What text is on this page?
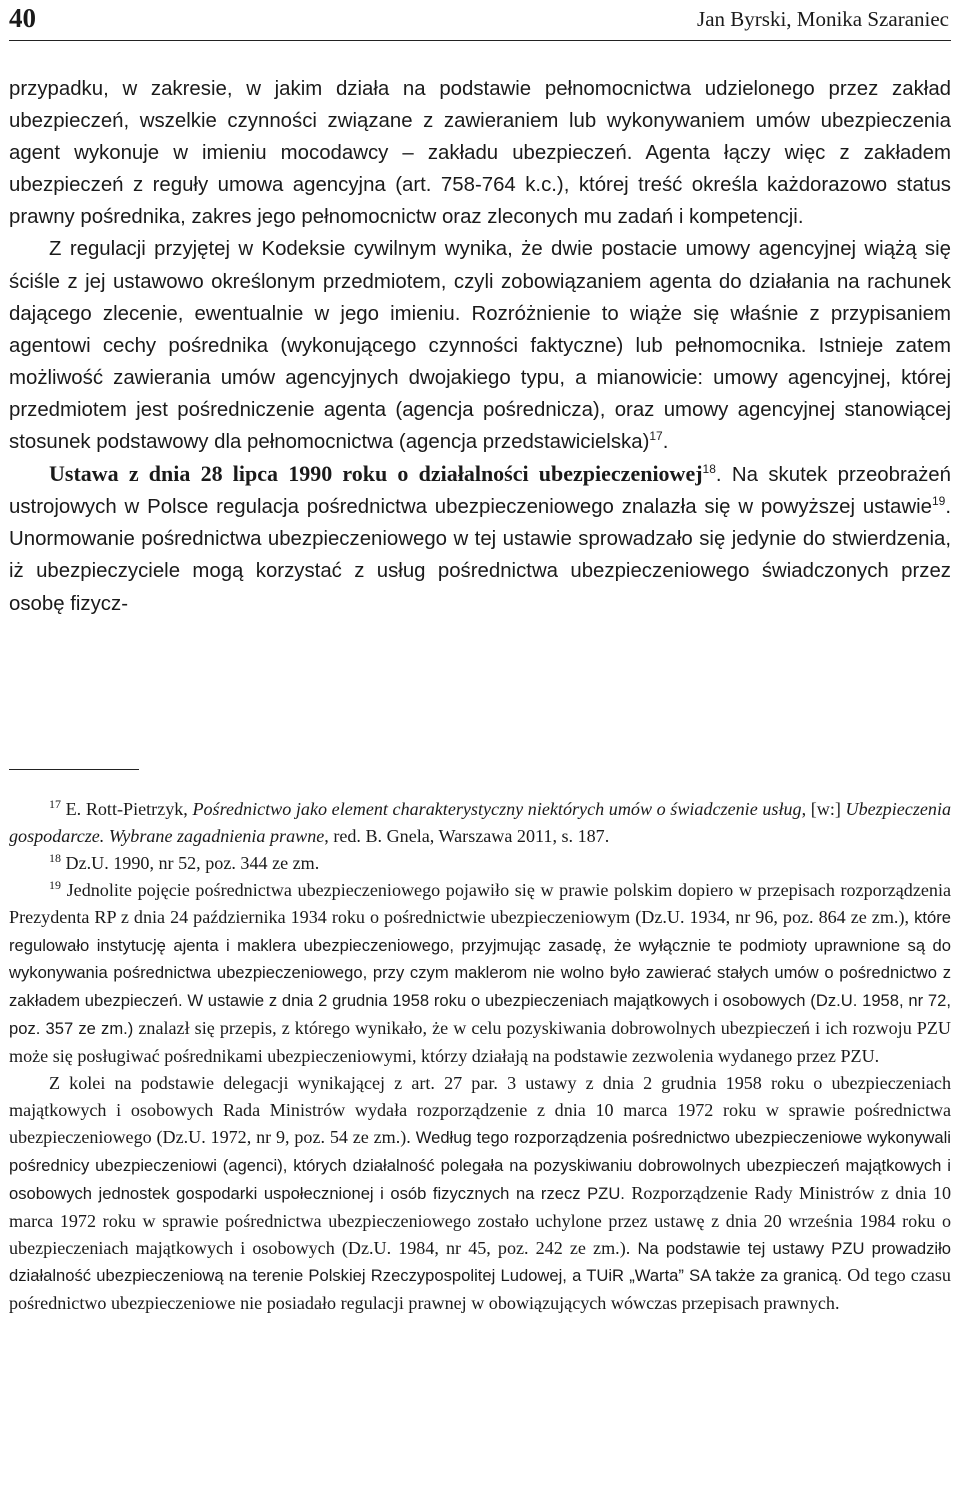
40	Jan Byrski, Monika Szaraniec

przypadku, w zakresie, w jakim działa na podstawie pełnomocnictwa udzielonego przez zakład ubezpieczeń, wszelkie czynności związane z zawieraniem lub wykonywaniem umów ubezpieczenia agent wykonuje w imieniu mocodawcy – zakładu ubezpieczeń. Agenta łączy więc z zakładem ubezpieczeń z reguły umowa agencyjna (art. 758-764 k.c.), której treść określa każdorazowo status prawny pośrednika, zakres jego pełnomocnictw oraz zleconych mu zadań i kompetencji.

Z regulacji przyjętej w Kodeksie cywilnym wynika, że dwie postacie umowy agencyjnej wiążą się ściśle z jej ustawowo określonym przedmiotem, czyli zobowiązaniem agenta do działania na rachunek dającego zlecenie, ewentualnie w jego imieniu. Rozróżnienie to wiąże się właśnie z przypisaniem agentowi cechy pośrednika (wykonującego czynności faktyczne) lub pełnomocnika. Istnieje zatem możliwość zawierania umów agencyjnych dwojakiego typu, a mianowicie: umowy agencyjnej, której przedmiotem jest pośredniczenie agenta (agencja pośrednicza), oraz umowy agencyjnej stanowiącej stosunek podstawowy dla pełnomocnictwa (agencja przedstawicielska)$^{17}$.

Ustawa z dnia 28 lipca 1990 roku o działalności ubezpieczeniowej$^{18}$. Na skutek przeobrażeń ustrojowych w Polsce regulacja pośrednictwa ubezpieczeniowego znalazła się w powyższej ustawie$^{19}$. Unormowanie pośrednictwa ubezpieczeniowego w tej ustawie sprowadzało się jedynie do stwierdzenia, iż ubezpieczyciele mogą korzystać z usług pośrednictwa ubezpieczeniowego świadczonych przez osobę fizycz-

$^{17}$ E. Rott-Pietrzyk, Pośrednictwo jako element charakterystyczny niektórych umów o świadczenie usług, [w:] Ubezpieczenia gospodarcze. Wybrane zagadnienia prawne, red. B. Gnela, Warszawa 2011, s. 187.

$^{18}$ Dz.U. 1990, nr 52, poz. 344 ze zm.

$^{19}$ Jednolite pojęcie pośrednictwa ubezpieczeniowego pojawiło się w prawie polskim dopiero w przepisach rozporządzenia Prezydenta RP z dnia 24 października 1934 roku o pośrednictwie ubezpieczeniowym (Dz.U. 1934, nr 96, poz. 864 ze zm.), które regulowało instytucję ajenta i maklera ubezpieczeniowego, przyjmując zasadę, że wyłącznie te podmioty uprawnione są do wykonywania pośrednictwa ubezpieczeniowego, przy czym maklerom nie wolno było zawierać stałych umów o pośrednictwo z zakładem ubezpieczeń. W ustawie z dnia 2 grudnia 1958 roku o ubezpieczeniach majątkowych i osobowych (Dz.U. 1958, nr 72, poz. 357 ze zm.) znalazł się przepis, z którego wynikało, że w celu pozyskiwania dobrowolnych ubezpieczeń i ich rozwoju PZU może się posługiwać pośrednikami ubezpieczeniowymi, którzy działają na podstawie zezwolenia wydanego przez PZU.

Z kolei na podstawie delegacji wynikającej z art. 27 par. 3 ustawy z dnia 2 grudnia 1958 roku o ubezpieczeniach majątkowych i osobowych Rada Ministrów wydała rozporządzenie z dnia 10 marca 1972 roku w sprawie pośrednictwa ubezpieczeniowego (Dz.U. 1972, nr 9, poz. 54 ze zm.). Według tego rozporządzenia pośrednictwo ubezpieczeniowe wykonywali pośrednicy ubezpieczeniowi (agenci), których działalność polegała na pozyskiwaniu dobrowolnych ubezpieczeń majątkowych i osobowych jednostek gospodarki uspołecznionej i osób fizycznych na rzecz PZU. Rozporządzenie Rady Ministrów z dnia 10 marca 1972 roku w sprawie pośrednictwa ubezpieczeniowego zostało uchylone przez ustawę z dnia 20 września 1984 roku o ubezpieczeniach majątkowych i osobowych (Dz.U. 1984, nr 45, poz. 242 ze zm.). Na podstawie tej ustawy PZU prowadziło działalność ubezpieczeniową na terenie Polskiej Rzeczypospolitej Ludowej, a TUiR „Warta” SA także za granicą. Od tego czasu pośrednictwo ubezpieczeniowe nie posiadało regulacji prawnej w obowiązujących wówczas przepisach prawnych.
